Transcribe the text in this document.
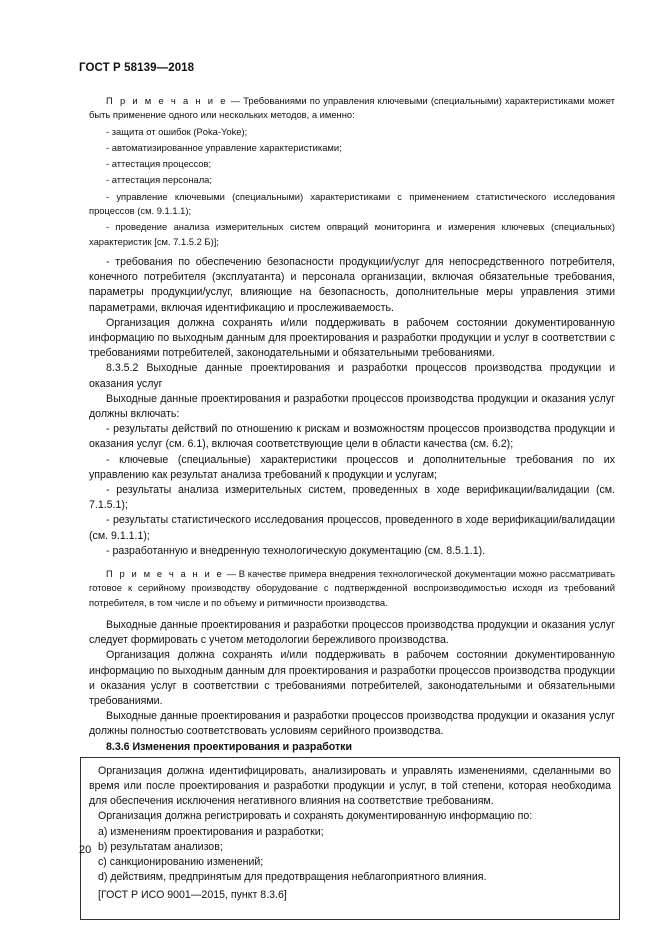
ГОСТ Р 58139—2018

П р и м е ч а н и е — Требованиями по управления ключевыми (специальными) характеристиками может быть применение одного или нескольких методов, а именно:

- защита от ошибок (Poka-Yoke);

- автоматизированное управление характеристиками;

- аттестация процессов;

- аттестация персонала;

- управление ключевыми (специальными) характеристиками с применением статистического исследования процессов (см. 9.1.1.1);

- проведение анализа измерительных систем опвраций мониторинга и измерения ключевых (специальных) характеристик [см. 7.1.5.2 Б)];

- требования по обеспечению безопасности продукции/услуг для непосредственного потребителя, конечного потребителя (эксплуатанта) и персонала организации, включая обязательные требования, параметры продукции/услуг, влияющие на безопасность, дополнительные меры управления этими параметрами, включая идентификацию и прослеживаемость.

Организация должна сохранять и/или поддерживать в рабочем состоянии документированную информацию по выходным данным для проектирования и разработки продукции и услуг в соответствии с требованиями потребителей, законодательными и обязательными требованиями.

8.3.5.2 Выходные данные проектирования и разработки процессов производства продукции и оказания услуг

Выходные данные проектирования и разработки процессов производства продукции и оказания услуг должны включать:

- результаты действий по отношению к рискам и возможностям процессов производства продукции и оказания услуг (см. 6.1), включая соответствующие цели в области качества (см. 6.2);

- ключевые (специальные) характеристики процессов и дополнительные требования по их управлению как результат анализа требований к продукции и услугам;

- результаты анализа измерительных систем, проведенных в ходе верификации/валидации (см. 7.1.5.1);

- результаты статистического исследования процессов, проведенного в ходе верификации/валидации (см. 9.1.1.1);

- разработанную и внедренную технологическую документацию (см. 8.5.1.1).

П р и м е ч а н и е — В качестве примера внедрения технологической документации можно рассматривать готовое к серийному производству оборудование с подтвержденной воспроизводимостью исходя из требований потребителя, в том числе и по объему и ритмичности производства.

Выходные данные проектирования и разработки процессов производства продукции и оказания услуг следует формировать с учетом методологии бережливого производства.

Организация должна сохранять и/или поддерживать в рабочем состоянии документированную информацию по выходным данным для проектирования и разработки процессов производства продукции и оказания услуг в соответствии с требованиями потребителей, законодательными и обязательными требованиями.

Выходные данные проектирования и разработки процессов производства продукции и оказания услуг должны полностью соответствовать условиям серийного производства.

8.3.6 Изменения проектирования и разработки

Организация должна идентифицировать, анализировать и управлять изменениями, сделанными во время или после проектирования и разработки продукции и услуг, в той степени, которая необходима для обеспечения исключения негативного влияния на соответствие требованиям.

Организация должна регистрировать и сохранять документированную информацию по:

a) изменениям проектирования и разработки;

b) результатам анализов;

c) санкционированию изменений;

d) действиям, предпринятым для предотвращения неблагоприятного влияния.

[ГОСТ Р ИСО 9001—2015, пункт 8.3.6]

20
